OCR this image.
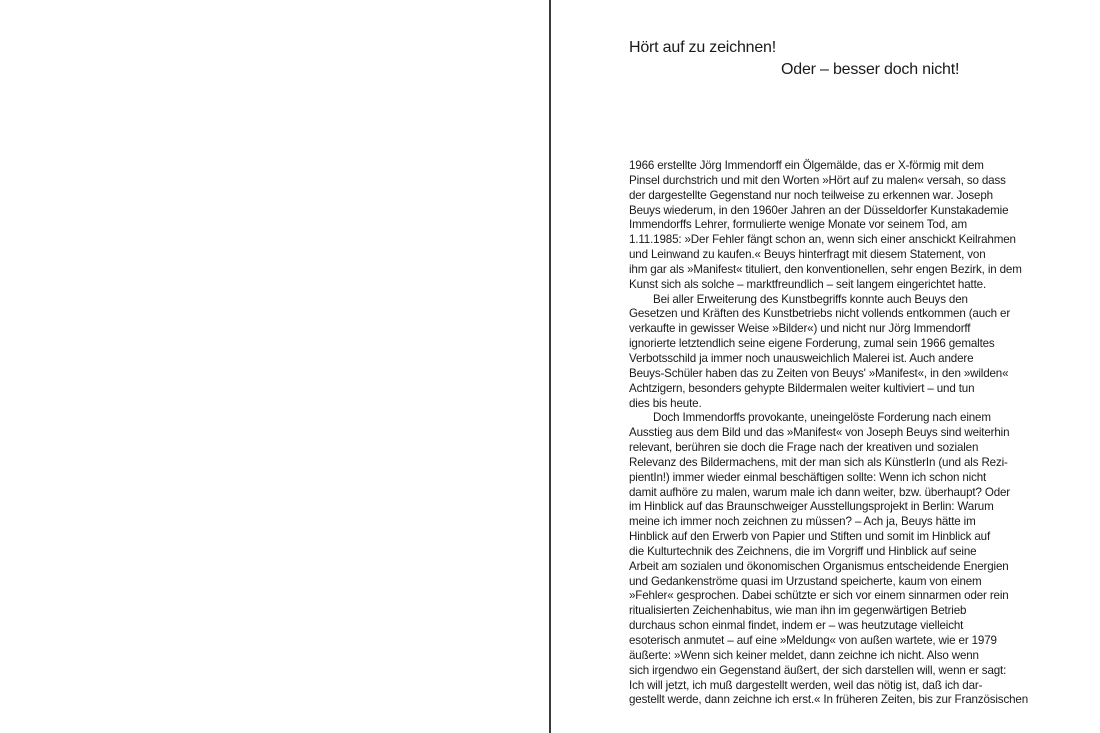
Hört auf zu zeichnen!
Oder – besser doch nicht!
1966 erstellte Jörg Immendorff ein Ölgemälde, das er X-förmig mit dem
Pinsel durchstrich und mit den Worten »Hört auf zu malen« versah, so dass
der dargestellte Gegenstand nur noch teilweise zu erkennen war. Joseph
Beuys wiederum, in den 1960er Jahren an der Düsseldorfer Kunstakademie
Immendorffs Lehrer, formulierte wenige Monate vor seinem Tod, am
1.11.1985: »Der Fehler fängt schon an, wenn sich einer anschickt Keilrahmen
und Leinwand zu kaufen.« Beuys hinterfragt mit diesem Statement, von
ihm gar als »Manifest« tituliert, den konventionellen, sehr engen Bezirk, in dem
Kunst sich als solche – marktfreundlich – seit langem eingerichtet hatte.
Bei aller Erweiterung des Kunstbegriffs konnte auch Beuys den
Gesetzen und Kräften des Kunstbetriebs nicht vollends entkommen (auch er
verkaufte in gewisser Weise »Bilder«) und nicht nur Jörg Immendorff
ignorierte letztendlich seine eigene Forderung, zumal sein 1966 gemaltes
Verbotsschild ja immer noch unausweichlich Malerei ist. Auch andere
Beuys-Schüler haben das zu Zeiten von Beuys' »Manifest«, in den »wilden«
Achtzigern, besonders gehypte Bildermalen weiter kultiviert – und tun
dies bis heute.
Doch Immendorffs provokante, uneingelöste Forderung nach einem
Ausstieg aus dem Bild und das »Manifest« von Joseph Beuys sind weiterhin
relevant, berühren sie doch die Frage nach der kreativen und sozialen
Relevanz des Bildermachens, mit der man sich als KünstlerIn (und als Rezi-
pientIn!) immer wieder einmal beschäftigen sollte: Wenn ich schon nicht
damit aufhöre zu malen, warum male ich dann weiter, bzw. überhaupt? Oder
im Hinblick auf das Braunschweiger Ausstellungsprojekt in Berlin: Warum
meine ich immer noch zeichnen zu müssen? – Ach ja, Beuys hätte im
Hinblick auf den Erwerb von Papier und Stiften und somit im Hinblick auf
die Kulturtechnik des Zeichnens, die im Vorgriff und Hinblick auf seine
Arbeit am sozialen und ökonomischen Organismus entscheidende Energien
und Gedankenströme quasi im Urzustand speicherte, kaum von einem
»Fehler« gesprochen. Dabei schützte er sich vor einem sinnarmen oder rein
ritualisierten Zeichenhabitus, wie man ihn im gegenwärtigen Betrieb
durchaus schon einmal findet, indem er – was heutzutage vielleicht
esoterisch anmutet – auf eine »Meldung« von außen wartete, wie er 1979
äußerte: »Wenn sich keiner meldet, dann zeichne ich nicht. Also wenn
sich irgendwo ein Gegenstand äußert, der sich darstellen will, wenn er sagt:
Ich will jetzt, ich muß dargestellt werden, weil das nötig ist, daß ich dar-
gestellt werde, dann zeichne ich erst.« In früheren Zeiten, bis zur Französischen
